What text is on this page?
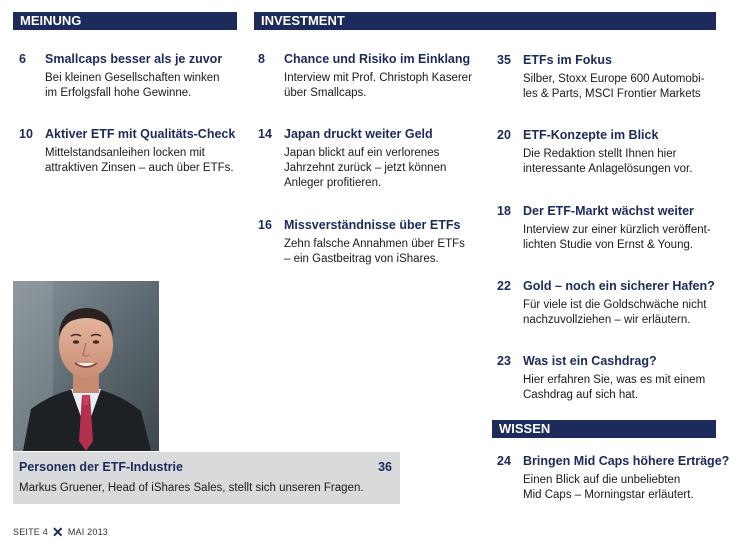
MEINUNG	INVESTMENT
WISSEN
6 Smallcaps besser als je zuvor
Bei kleinen Gesellschaften winken
im Erfolgsfall hohe Gewinne.
10 Aktiver ETF mit Qualitäts-Check
Mittelstandsanleihen locken mit
attraktiven Zinsen – auch über ETFs.
8 Chance und Risiko im Einklang
Interview mit Prof. Christoph Kaserer
über Smallcaps.
14 Japan druckt weiter Geld
Japan blickt auf ein verlorenes
Jahrzehnt zurück – jetzt können
Anleger profitieren.
16 Missverständnisse über ETFs
Zehn falsche Annahmen über ETFs
– ein Gastbeitrag von iShares.
35 ETFs im Fokus
Silber, Stoxx Europe 600 Automobi-
les & Parts, MSCI Frontier Markets
20 ETF-Konzepte im Blick
Die Redaktion stellt Ihnen hier
interessante Anlagelösungen vor.
18 Der ETF-Markt wächst weiter
Interview zur einer kürzlich veröffent-
lichten Studie von Ernst & Young.
22 Gold – noch ein sicherer Hafen?
Für viele ist die Goldschwäche nicht
nachzuvollziehen – wir erläutern.
23 Was ist ein Cashdrag?
Hier erfahren Sie, was es mit einem
Cashdrag auf sich hat.
24 Bringen Mid Caps höhere Erträge?
Einen Blick auf die unbeliebten
Mid Caps – Morningstar erläutert.
Personen der ETF-Industrie	36
Markus Gruener, Head of iShares Sales, stellt sich unseren Fragen.
SEITE 4 ✕ MAI 2013
